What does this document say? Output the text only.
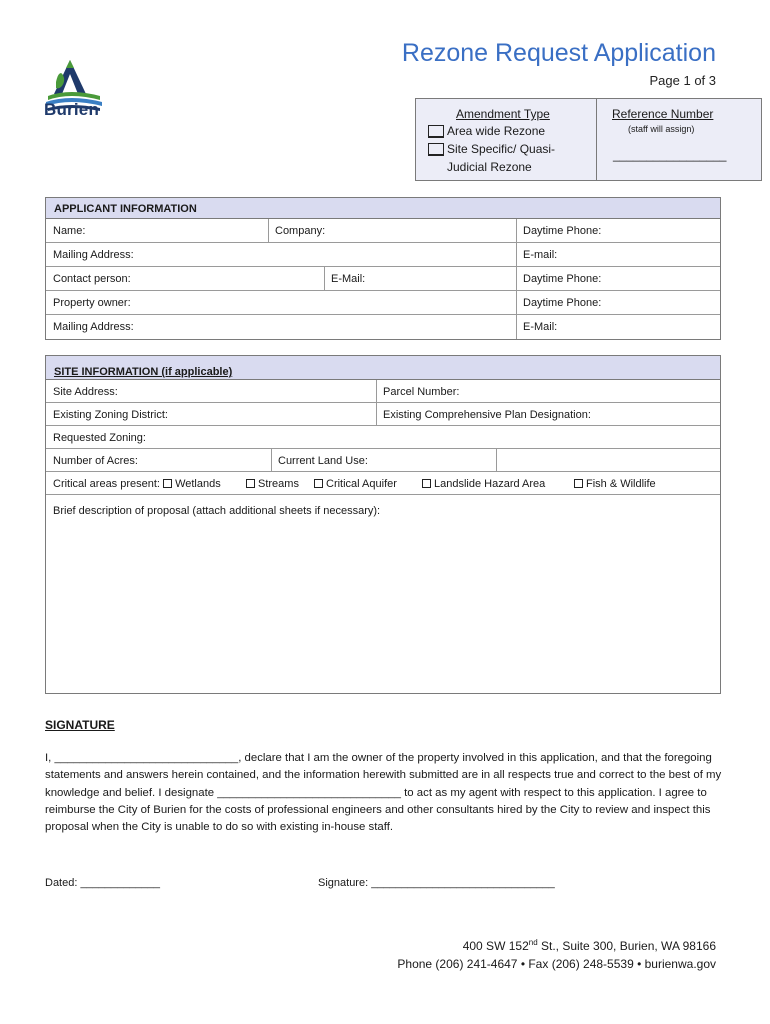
Burien
Rezone Request Application
Page 1 of 3
Amendment Type
Area wide Rezone
Site Specific/ Quasi-
Judicial Rezone
Reference Number
(staff will assign)
_________________
APPLICANT INFORMATION
Name:	Company:	Daytime Phone:
Mailing Address:	E-mail:
Contact person:	E-Mail:	Daytime Phone:
Property owner:	Daytime Phone:
Mailing Address:	E-Mail:
SITE INFORMATION (if applicable)
Site Address:	Parcel Number:
Existing Zoning District:	Existing Comprehensive Plan Designation:
Requested Zoning:
Number of Acres:	Current Land Use:
Critical areas present: Wetlands	Streams	Critical Aquifer	Landslide Hazard Area	Fish & Wildlife
Brief description of proposal (attach additional sheets if necessary):
SIGNATURE
I, _____________________________, declare that I am the owner of the property involved in this application, and that the foregoing statements and answers herein contained, and the information herewith submitted are in all respects true and correct to the best of my knowledge and belief. I designate _____________________________ to act as my agent with respect to this application. I agree to reimburse the City of Burien for the costs of professional engineers and other consultants hired by the City to review and inspect this proposal when the City is unable to do so with existing in-house staff.
Dated: _____________	Signature: ______________________________
400 SW 152nd St., Suite 300, Burien, WA 98166
Phone (206) 241-4647 • Fax (206) 248-5539 • burienwa.gov
